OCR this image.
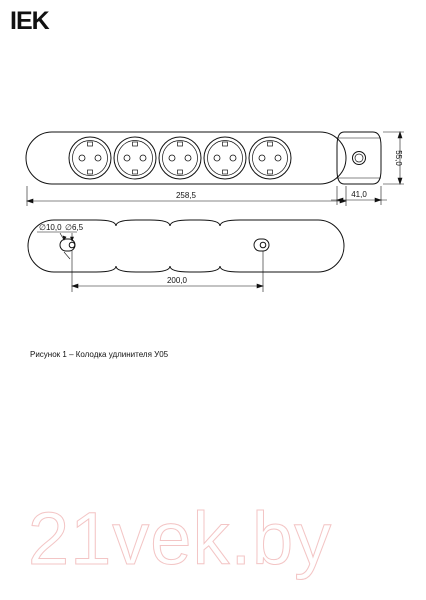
IEK
258,5
55,0
41,0
∅10,0 ∅6,5
200,0
Рисунок 1 – Колодка удлинителя У05
21vek.by
